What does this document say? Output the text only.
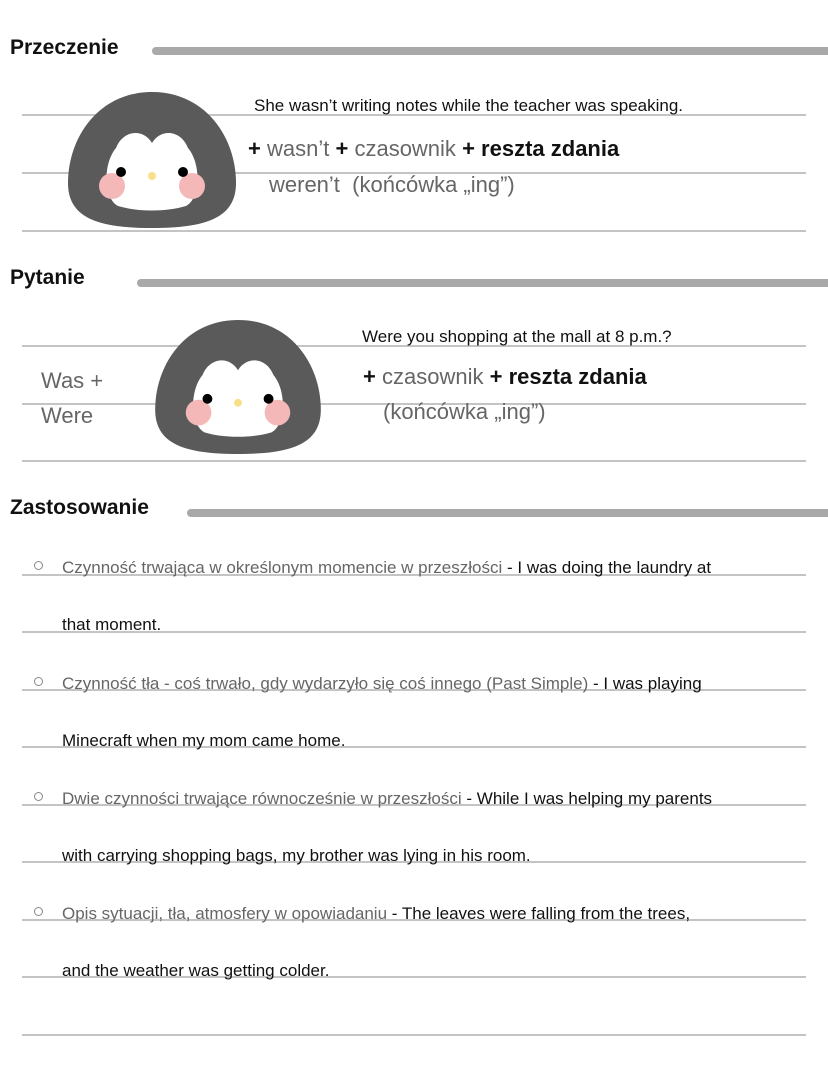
Przeczenie
She wasn’t writing notes while the teacher was speaking.
+ wasn’t + czasownik + reszta zdania
weren’t (końcówka „ing”)
Pytanie
Was +
Were
Were you shopping at the mall at 8 p.m.?
+ czasownik + reszta zdania
(końcówka „ing”)
Zastosowanie
Czynność trwająca w określonym momencie w przeszłości - I was doing the laundry at
that moment.
Czynność tła - coś trwało, gdy wydarzyło się coś innego (Past Simple) - I was playing
Minecraft when my mom came home.
Dwie czynności trwające równocześnie w przeszłości - While I was helping my parents
with carrying shopping bags, my brother was lying in his room.
Opis sytuacji, tła, atmosfery w opowiadaniu - The leaves were falling from the trees,
and the weather was getting colder.
